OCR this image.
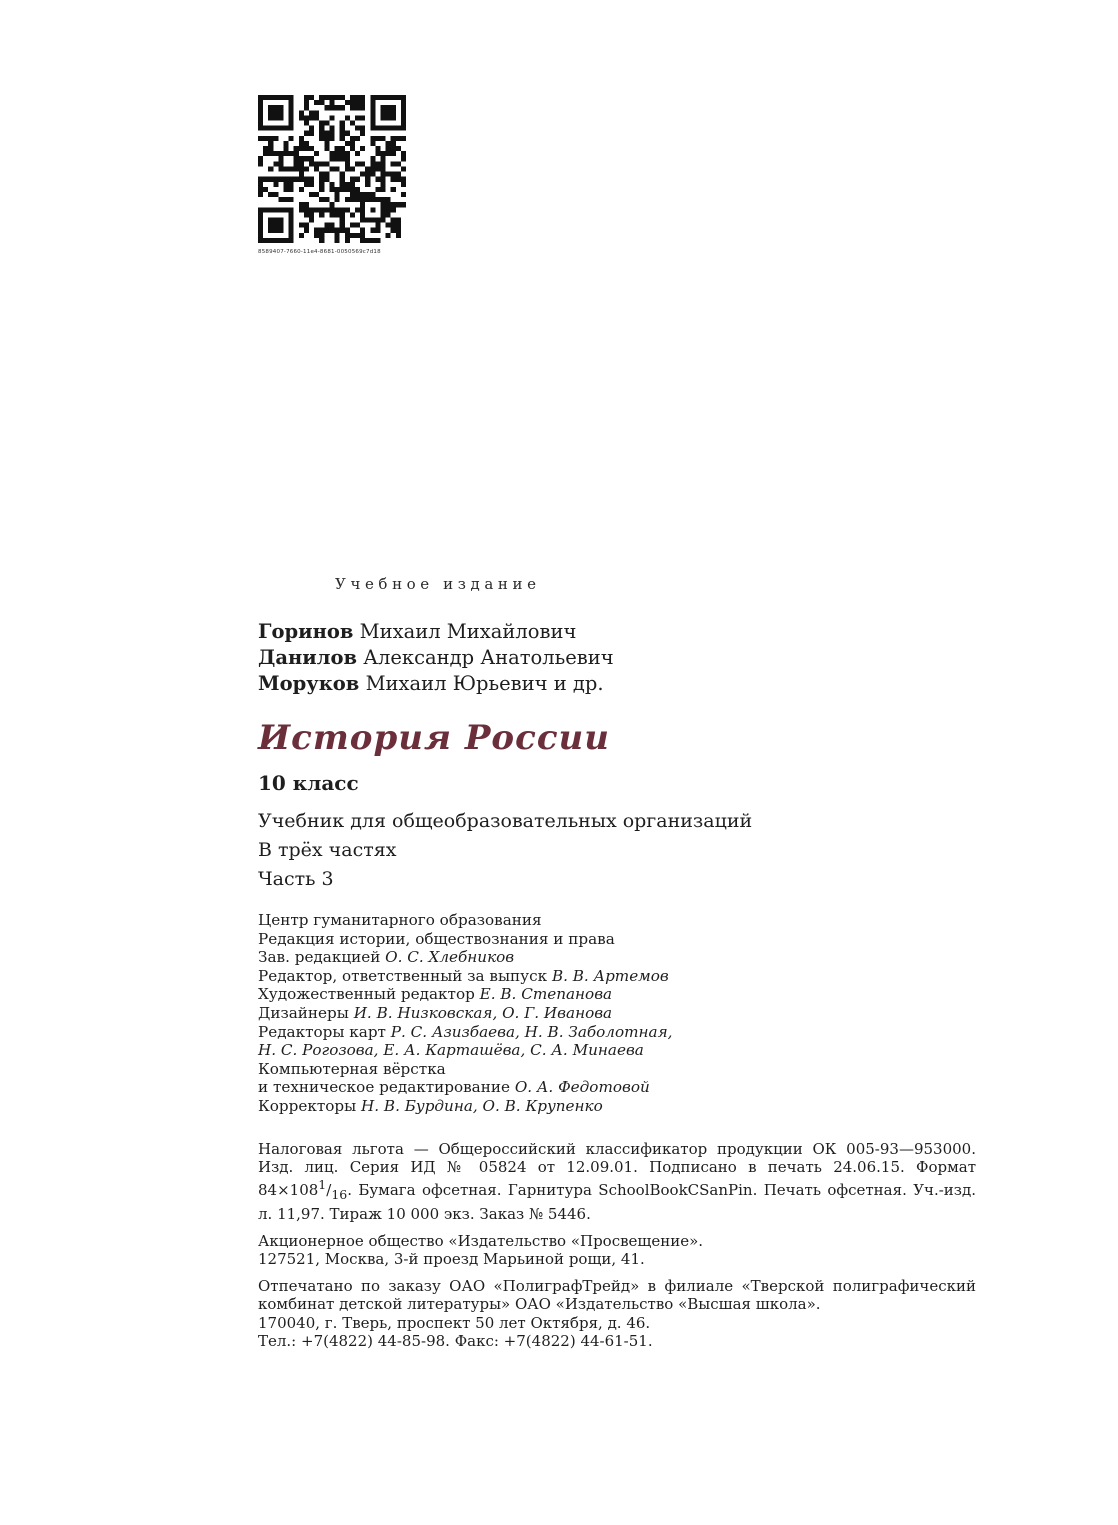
8589407-7660-11e4-8681-0050569c7d18
Учебное издание
Горинов Михаил Михайлович
Данилов Александр Анатольевич
Моруков Михаил Юрьевич и др.
История России
10 класс
Учебник для общеобразовательных организаций
В трёх частях
Часть 3
Центр гуманитарного образования
Редакция истории, обществознания и права
Зав. редакцией О. С. Хлебников
Редактор, ответственный за выпуск В. В. Артемов
Художественный редактор Е. В. Степанова
Дизайнеры И. В. Низковская, О. Г. Иванова
Редакторы карт Р. С. Азизбаева, Н. В. Заболотная,
Н. С. Рогозова, Е. А. Карташёва, С. А. Минаева
Компьютерная вёрстка
и техническое редактирование О. А. Федотовой
Корректоры Н. В. Бурдина, О. В. Крупенко

Налоговая льгота — Общероссийский классификатор продукции ОК 005-93—953000. Изд. лиц. Серия ИД № 05824 от 12.09.01. Подписано в печать 24.06.15. Формат $84\times 108^1/_{16}$. Бумага офсетная. Гарнитура SchoolBookCSanPin. Печать офсетная. Уч.-изд. л. 11,97. Тираж 10 000 экз. Заказ № 5446.

Акционерное общество «Издательство «Просвещение».
127521, Москва, 3-й проезд Марьиной рощи, 41.

Отпечатано по заказу ОАО «ПолиграфТрейд» в филиале «Тверской полиграфический комбинат детской литературы» ОАО «Издательство «Высшая школа».
170040, г. Тверь, проспект 50 лет Октября, д. 46.
Тел.: +7(4822) 44-85-98. Факс: +7(4822) 44-61-51.
